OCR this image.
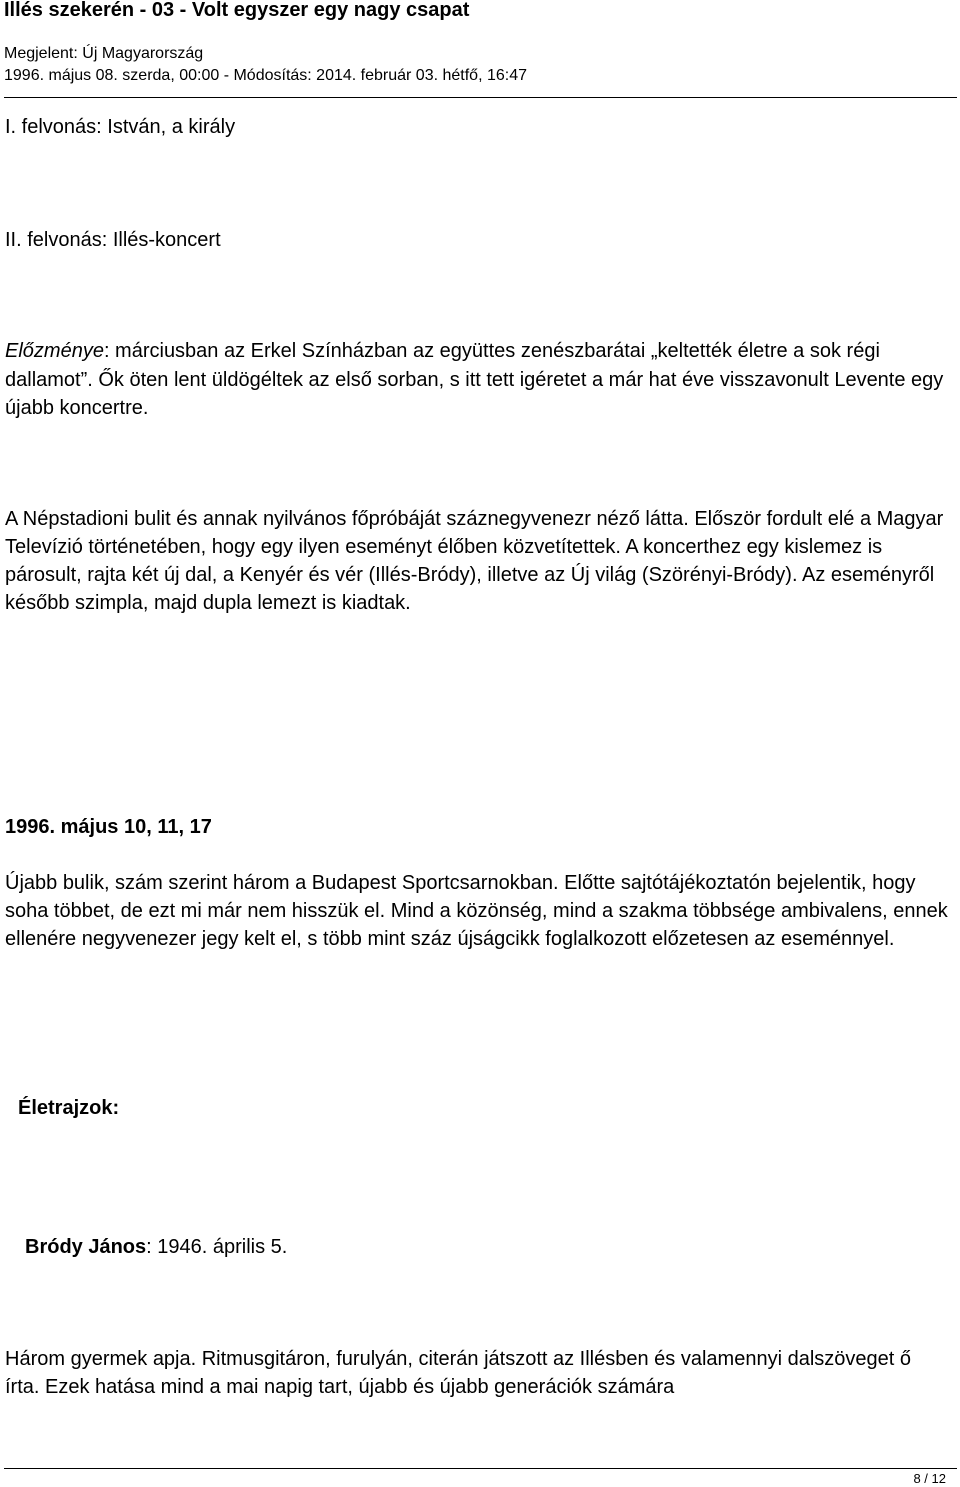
Illés szekerén - 03 - Volt egyszer egy nagy csapat
Megjelent: Új Magyarország
1996. május 08. szerda, 00:00 - Módosítás: 2014. február 03. hétfő, 16:47

I. felvonás: István, a király

II. felvonás: Illés-koncert

Előzménye: márciusban az Erkel Színházban az együttes zenészbarátai „keltették életre a sok régi dallamot”. Ők öten lent üldögéltek az első sorban, s itt tett igéretet a már hat éve visszavonult Levente egy újabb koncertre.

A Népstadioni bulit és annak nyilvános főpróbáját száznegyvenezr néző látta. Először fordult elé a Magyar Televízió történetében, hogy egy ilyen eseményt élőben közvetítettek. A koncerthez egy kislemez is párosult, rajta két új dal, a Kenyér és vér (Illés-Bródy), illetve az Új világ (Szörényi-Bródy). Az eseményről később szimpla, majd dupla lemezt is kiadtak.

1996. május 10, 11, 17

Újabb bulik, szám szerint három a Budapest Sportcsarnokban. Előtte sajtótájékoztatón bejelentik, hogy soha többet, de ezt mi már nem hisszük el. Mind a közönség, mind a szakma többsége ambivalens, ennek ellenére negyvenezer jegy kelt el, s több mint száz újságcikk foglalkozott előzetesen az eseménnyel.

Életrajzok:

Bródy János: 1946. április 5.

Három gyermek apja. Ritmusgitáron, furulyán, citerán játszott az Illésben és valamennyi dalszöveget ő írta. Ezek hatása mind a mai napig tart, újabb és újabb generációk számára

8 / 12
